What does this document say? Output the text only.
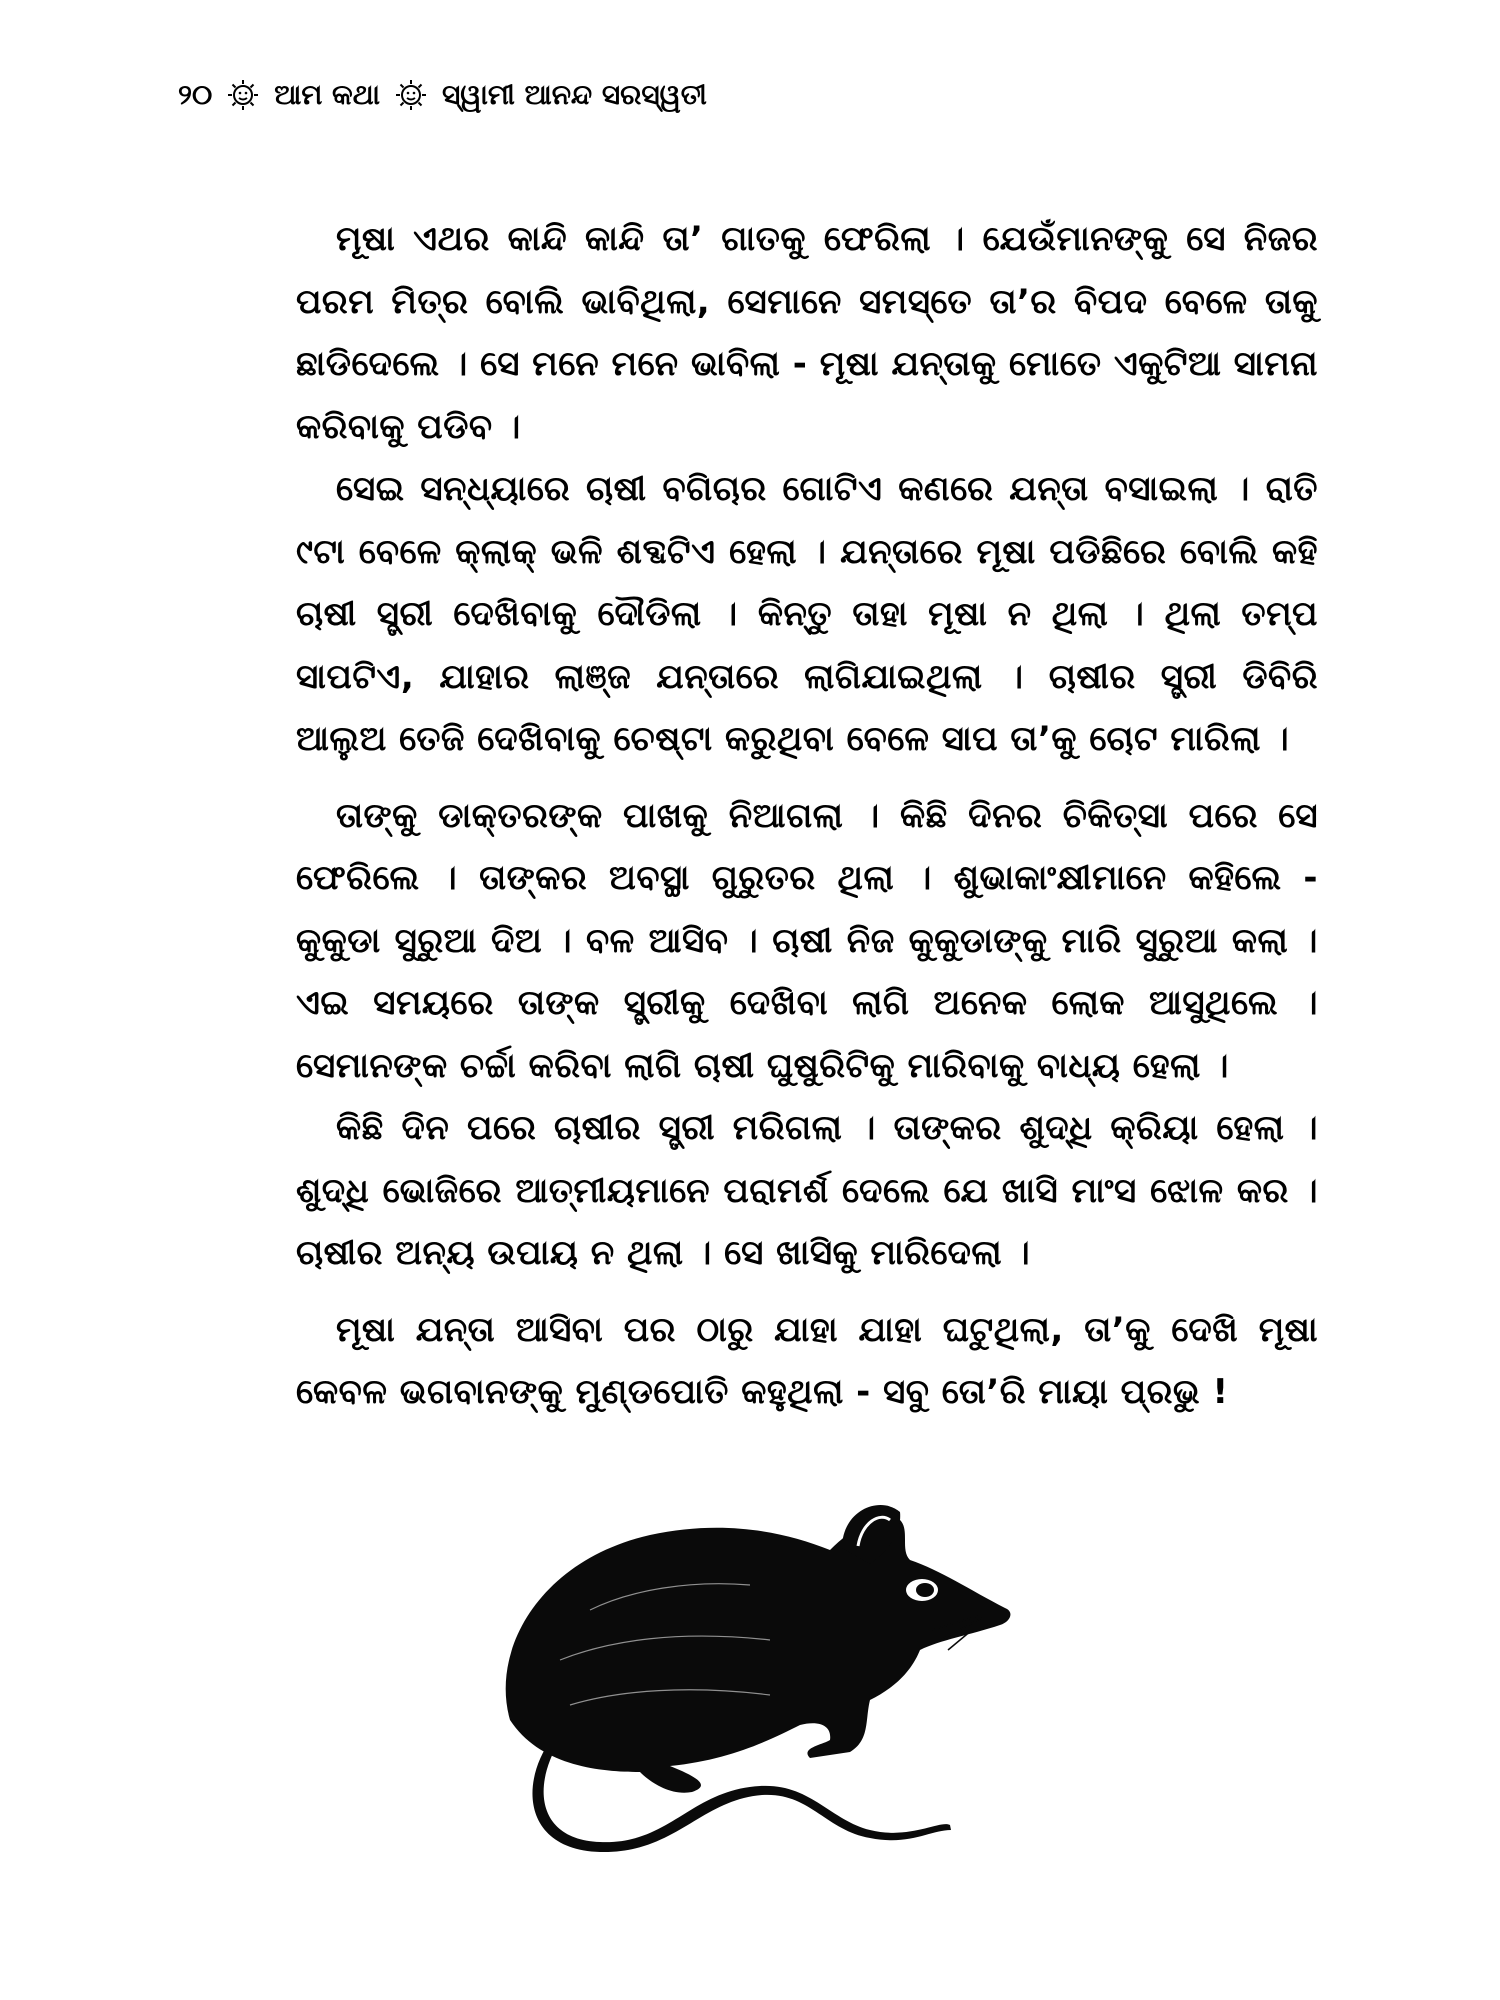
୨୦ ଆମ କଥା ସ୍ୱାମୀ ଆନନ୍ଦ ସରସ୍ୱତୀ

ମୂଷା ଏଥର କାନ୍ଦି କାନ୍ଦି ତା’ ଗାତକୁ ଫେରିଲା । ଯେଉଁମାନଙ୍କୁ ସେ ନିଜର ପରମ ମିତ୍ର ବୋଲି ଭାବିଥିଲା, ସେମାନେ ସମସ୍ତେ ତା’ର ବିପଦ ବେଳେ ତାକୁ ଛାଡିଦେଲେ । ସେ ମନେ ମନେ ଭାବିଲା - ମୂଷା ଯନ୍ତାକୁ ମୋତେ ଏକୁଟିଆ ସାମନା କରିବାକୁ ପଡିବ ।

ସେଇ ସନ୍ଧ୍ୟାରେ ଚାଷୀ ବଗିଚାର ଗୋଟିଏ କଣରେ ଯନ୍ତା ବସାଇଲା । ରାତି ୯ଟା ବେଳେ କ୍ଲାକ୍ ଭଳି ଶବ୍ଦଟିଏ ହେଲା । ଯନ୍ତାରେ ମୂଷା ପଡିଛିରେ ବୋଲି କହି ଚାଷୀ ସ୍ତ୍ରୀ ଦେଖିବାକୁ ଦୌଡିଲା । କିନ୍ତୁ ତାହା ମୂଷା ନ ଥିଲା । ଥିଲା ତମ୍ପ ସାପଟିଏ, ଯାହାର ଲାଞ୍ଜ ଯନ୍ତାରେ ଲାଗିଯାଇଥିଲା । ଚାଷୀର ସ୍ତ୍ରୀ ଡିବିରି ଆଲୁଅ ତେଜି ଦେଖିବାକୁ ଚେଷ୍ଟା କରୁଥିବା ବେଳେ ସାପ ତା’କୁ ଚୋଟ ମାରିଲା ।

ତାଙ୍କୁ ଡାକ୍ତରଙ୍କ ପାଖକୁ ନିଆଗଲା । କିଛି ଦିନର ଚିକିତ୍ସା ପରେ ସେ ଫେରିଲେ । ତାଙ୍କର ଅବସ୍ଥା ଗୁରୁତର ଥିଲା । ଶୁଭାକାଂକ୍ଷୀମାନେ କହିଲେ - କୁକୁଡା ସୁରୁଆ ଦିଅ । ବଳ ଆସିବ । ଚାଷୀ ନିଜ କୁକୁଡାଙ୍କୁ ମାରି ସୁରୁଆ କଲା । ଏଇ ସମୟରେ ତାଙ୍କ ସ୍ତ୍ରୀକୁ ଦେଖିବା ଲାଗି ଅନେକ ଲୋକ ଆସୁଥିଲେ । ସେମାନଙ୍କ ଚର୍ଚ୍ଚା କରିବା ଲାଗି ଚାଷୀ ଘୁଷୁରିଟିକୁ ମାରିବାକୁ ବାଧ୍ୟ ହେଲା ।

କିଛି ଦିନ ପରେ ଚାଷୀର ସ୍ତ୍ରୀ ମରିଗଲା । ତାଙ୍କର ଶୁଦ୍ଧି କ୍ରିୟା ହେଲା । ଶୁଦ୍ଧି ଭୋଜିରେ ଆତ୍ମୀୟମାନେ ପରାମର୍ଶ ଦେଲେ ଯେ ଖାସି ମାଂସ ଝୋଳ କର । ଚାଷୀର ଅନ୍ୟ ଉପାୟ ନ ଥିଲା । ସେ ଖାସିକୁ ମାରିଦେଲା ।

ମୂଷା ଯନ୍ତା ଆସିବା ପର ଠାରୁ ଯାହା ଯାହା ଘଟୁଥିଲା, ତା’କୁ ଦେଖି ମୂଷା କେବଳ ଭଗବାନଙ୍କୁ ମୁଣ୍ଡପୋତି କହୁଥିଲା - ସବୁ ତୋ’ରି ମାୟା ପ୍ରଭୁ !
